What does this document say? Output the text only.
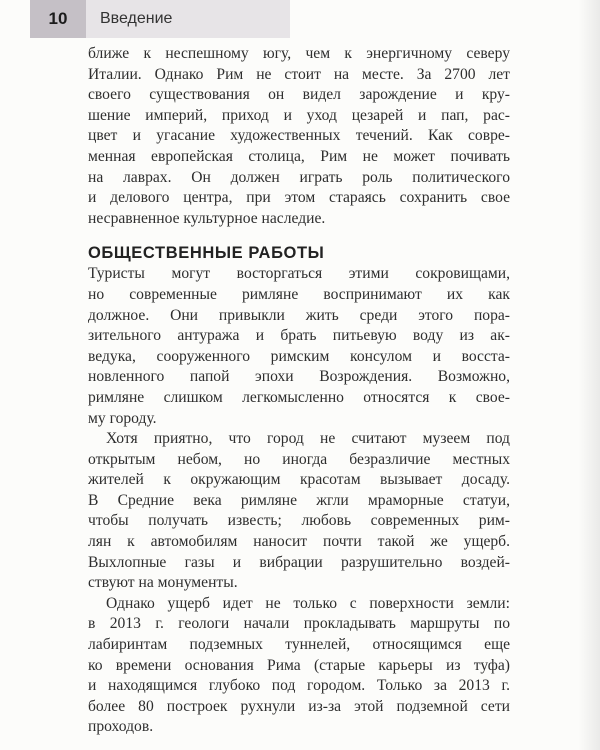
10	Введение
ближе к неспешному югу, чем к энергичному северу
Италии. Однако Рим не стоит на месте. За 2700 лет
своего существования он видел зарождение и кру-
шение империй, приход и уход цезарей и пап, рас-
цвет и угасание художественных течений. Как совре-
менная европейская столица, Рим не может почивать
на лаврах. Он должен играть роль политического
и делового центра, при этом стараясь сохранить свое
несравненное культурное наследие.
ОБЩЕСТВЕННЫЕ РАБОТЫ
Туристы могут восторгаться этими сокровищами,
но современные римляне воспринимают их как
должное. Они привыкли жить среди этого пора-
зительного антуража и брать питьевую воду из ак-
ведука, сооруженного римским консулом и восста-
новленного папой эпохи Возрождения. Возможно,
римляне слишком легкомысленно относятся к свое-
му городу.
Хотя приятно, что город не считают музеем под
открытым небом, но иногда безразличие местных
жителей к окружающим красотам вызывает досаду.
В Средние века римляне жгли мраморные статуи,
чтобы получать известь; любовь современных рим-
лян к автомобилям наносит почти такой же ущерб.
Выхлопные газы и вибрации разрушительно воздей-
ствуют на монументы.
Однако ущерб идет не только с поверхности земли:
в 2013 г. геологи начали прокладывать маршруты по
лабиринтам подземных туннелей, относящимся еще
ко времени основания Рима (старые карьеры из туфа)
и находящимся глубоко под городом. Только за 2013 г.
более 80 построек рухнули из-за этой подземной сети
проходов.
